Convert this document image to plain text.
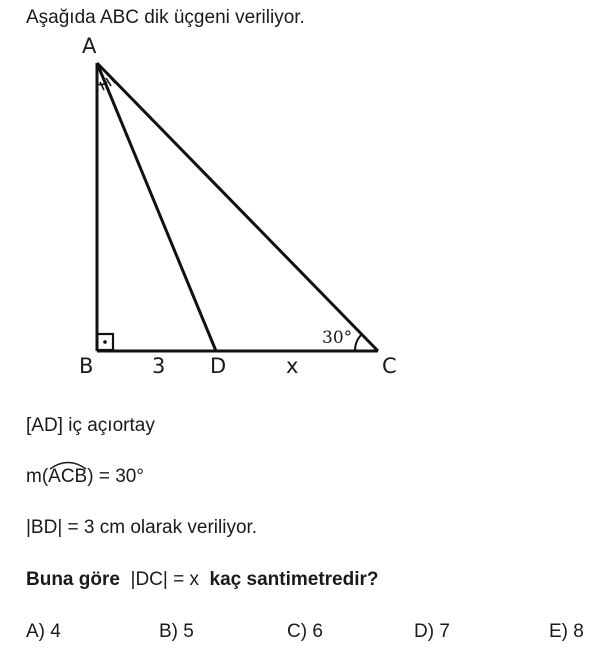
Aşağıda ABC dik üçgeni veriliyor.

A
B	C
D
3	x
30°

[AD] iç açıortay

m(
ACB) = 30°

|BD| = 3 cm olarak veriliyor.

Buna göre |DC| = x kaç santimetredir?

A) 4	B) 5	C) 6	D) 7	E) 8
